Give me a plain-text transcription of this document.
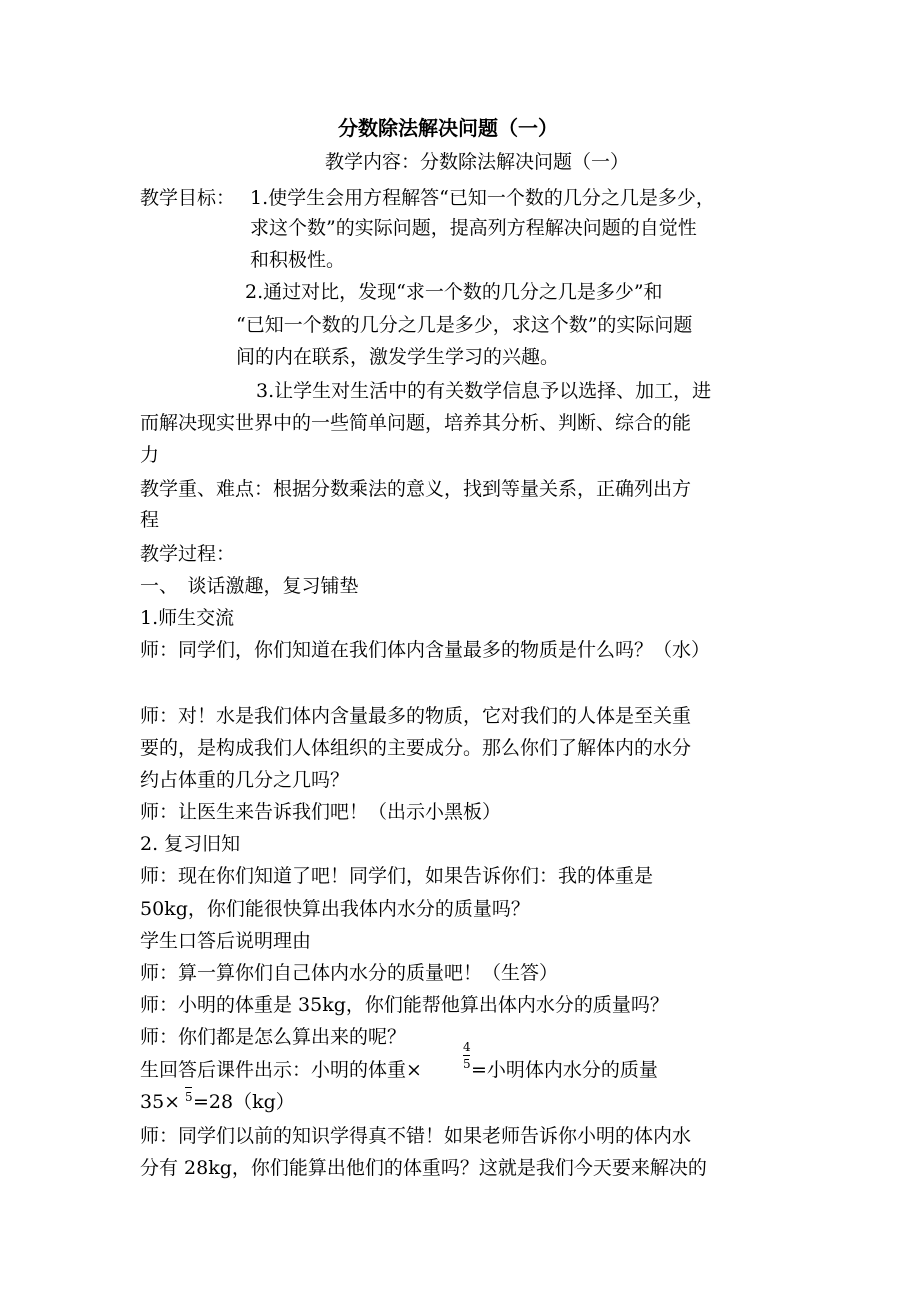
分数除法解决问题（一）

教学内容：分数除法解决问题（一）

教学目标： 1.使学生会用方程解答“已知一个数的几分之几是多少，

求这个数”的实际问题，提高列方程解决问题的自觉性

和积极性。

2.通过对比，发现“求一个数的几分之几是多少”和

“已知一个数的几分之几是多少，求这个数”的实际问题

间的内在联系，激发学生学习的兴趣。

3.让学生对生活中的有关数学信息予以选择、加工，进

而解决现实世界中的一些简单问题，培养其分析、判断、综合的能

力

教学重、难点：根据分数乘法的意义，找到等量关系，正确列出方

程

教学过程：

一、　谈话激趣，复习铺垫

1.师生交流

师：同学们，你们知道在我们体内含量最多的物质是什么吗？（水）

师：对！水是我们体内含量最多的物质，它对我们的人体是至关重

要的，是构成我们人体组织的主要成分。那么你们了解体内的水分

约占体重的几分之几吗？

师：让医生来告诉我们吧！（出示小黑板）

2. 复习旧知

师：现在你们知道了吧！同学们，如果告诉你们：我的体重是

50kg，你们能很快算出我体内水分的质量吗？

学生口答后说明理由

师：算一算你们自己体内水分的质量吧！（生答）

师：小明的体重是 35kg，你们能帮他算出体内水分的质量吗？

师：你们都是怎么算出来的呢？

生回答后课件出示：小明的体重×

4
5 =小明体内水分的质量

35× 5 =28（kg）

师：同学们以前的知识学得真不错！如果老师告诉你小明的体内水

分有 28kg，你们能算出他们的体重吗？这就是我们今天要来解决的
